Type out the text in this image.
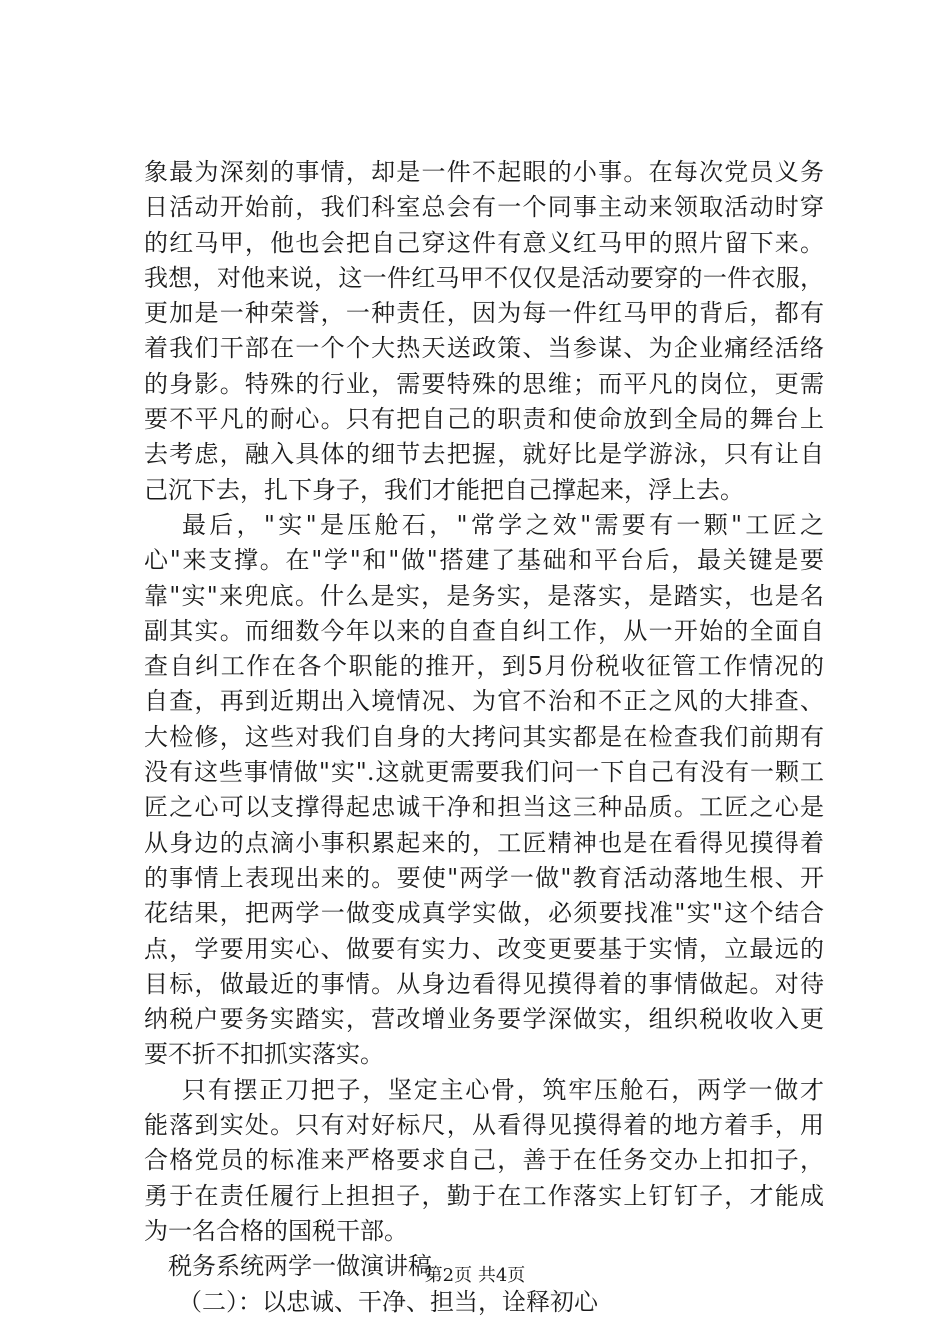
象最为深刻的事情，却是一件不起眼的小事。在每次党员义务
日活动开始前，我们科室总会有一个同事主动来领取活动时穿
的红马甲，他也会把自己穿这件有意义红马甲的照片留下来。
我想，对他来说，这一件红马甲不仅仅是活动要穿的一件衣服，
更加是一种荣誉，一种责任，因为每一件红马甲的背后，都有
着我们干部在一个个大热天送政策、当参谋、为企业痛经活络
的身影。特殊的行业，需要特殊的思维；而平凡的岗位，更需
要不平凡的耐心。只有把自己的职责和使命放到全局的舞台上
去考虑，融入具体的细节去把握，就好比是学游泳，只有让自
己沉下去，扎下身子，我们才能把自己撑起来，浮上去。
最后，"实"是压舱石，"常学之效"需要有一颗"工匠之
心"来支撑。在"学"和"做"搭建了基础和平台后，最关键是要
靠"实"来兜底。什么是实，是务实，是落实，是踏实，也是名
副其实。而细数今年以来的自查自纠工作，从一开始的全面自
查自纠工作在各个职能的推开，到5月份税收征管工作情况的
自查，再到近期出入境情况、为官不治和不正之风的大排查、
大检修，这些对我们自身的大拷问其实都是在检查我们前期有
没有这些事情做"实".这就更需要我们问一下自己有没有一颗工
匠之心可以支撑得起忠诚干净和担当这三种品质。工匠之心是
从身边的点滴小事积累起来的，工匠精神也是在看得见摸得着
的事情上表现出来的。要使"两学一做"教育活动落地生根、开
花结果，把两学一做变成真学实做，必须要找准"实"这个结合
点，学要用实心、做要有实力、改变更要基于实情，立最远的
目标，做最近的事情。从身边看得见摸得着的事情做起。对待
纳税户要务实踏实，营改增业务要学深做实，组织税收收入更
要不折不扣抓实落实。
只有摆正刀把子，坚定主心骨，筑牢压舱石，两学一做才
能落到实处。只有对好标尺，从看得见摸得着的地方着手，用
合格党员的标准来严格要求自己，善于在任务交办上扣扣子，
勇于在责任履行上担担子，勤于在工作落实上钉钉子，才能成
为一名合格的国税干部。
税务系统两学一做演讲稿
（二）：以忠诚、干净、担当，诠释初心
第2页 共4页
